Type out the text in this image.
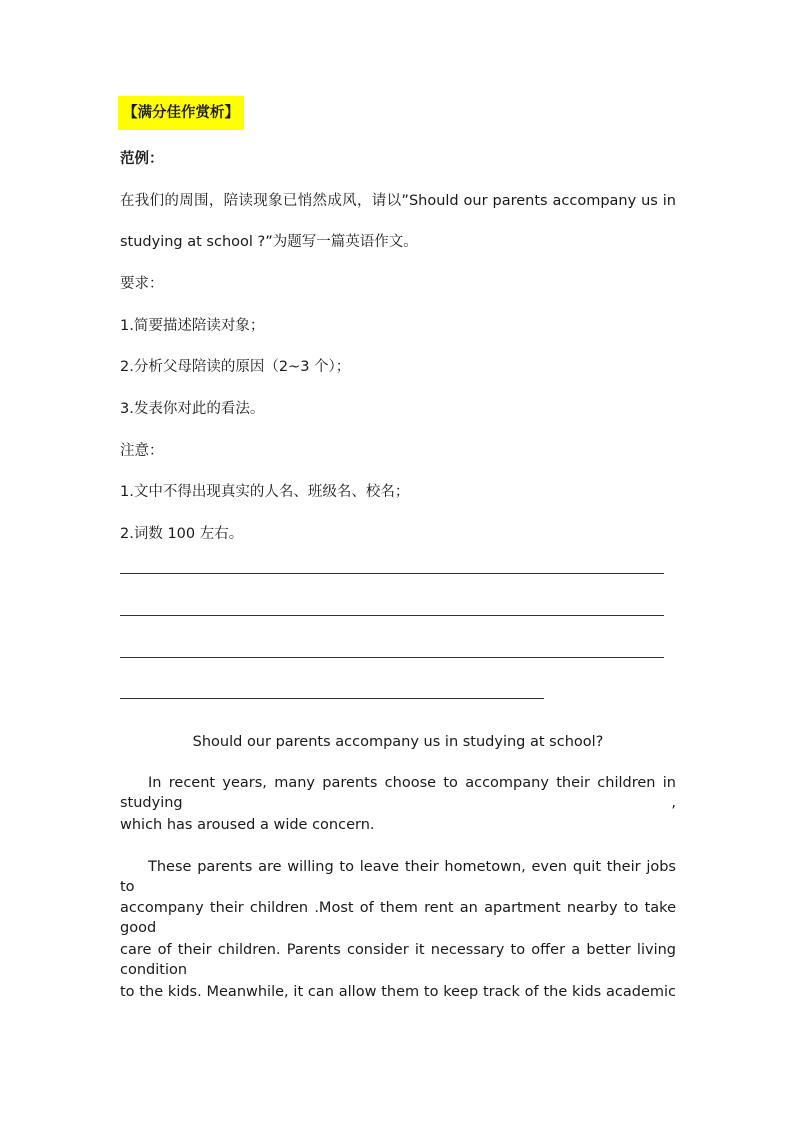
【满分佳作赏析】
范例：
在我们的周围，陪读现象已悄然成风，请以”Should our parents accompany us in
studying at school ?”为题写一篇英语作文。
要求：
1.简要描述陪读对象；
2.分析父母陪读的原因（2~3 个）；
3.发表你对此的看法。
注意：
1.文中不得出现真实的人名、班级名、校名；
2.词数 100 左右。
Should our parents accompany us in studying at school?
In recent years, many parents choose to accompany their children in studying ,
which has aroused a wide concern.
These parents are willing to leave their hometown, even quit their jobs to
accompany their children .Most of them rent an apartment nearby to take good
care of their children. Parents consider it necessary to offer a better living condition
to the kids. Meanwhile, it can allow them to keep track of the kids academic
